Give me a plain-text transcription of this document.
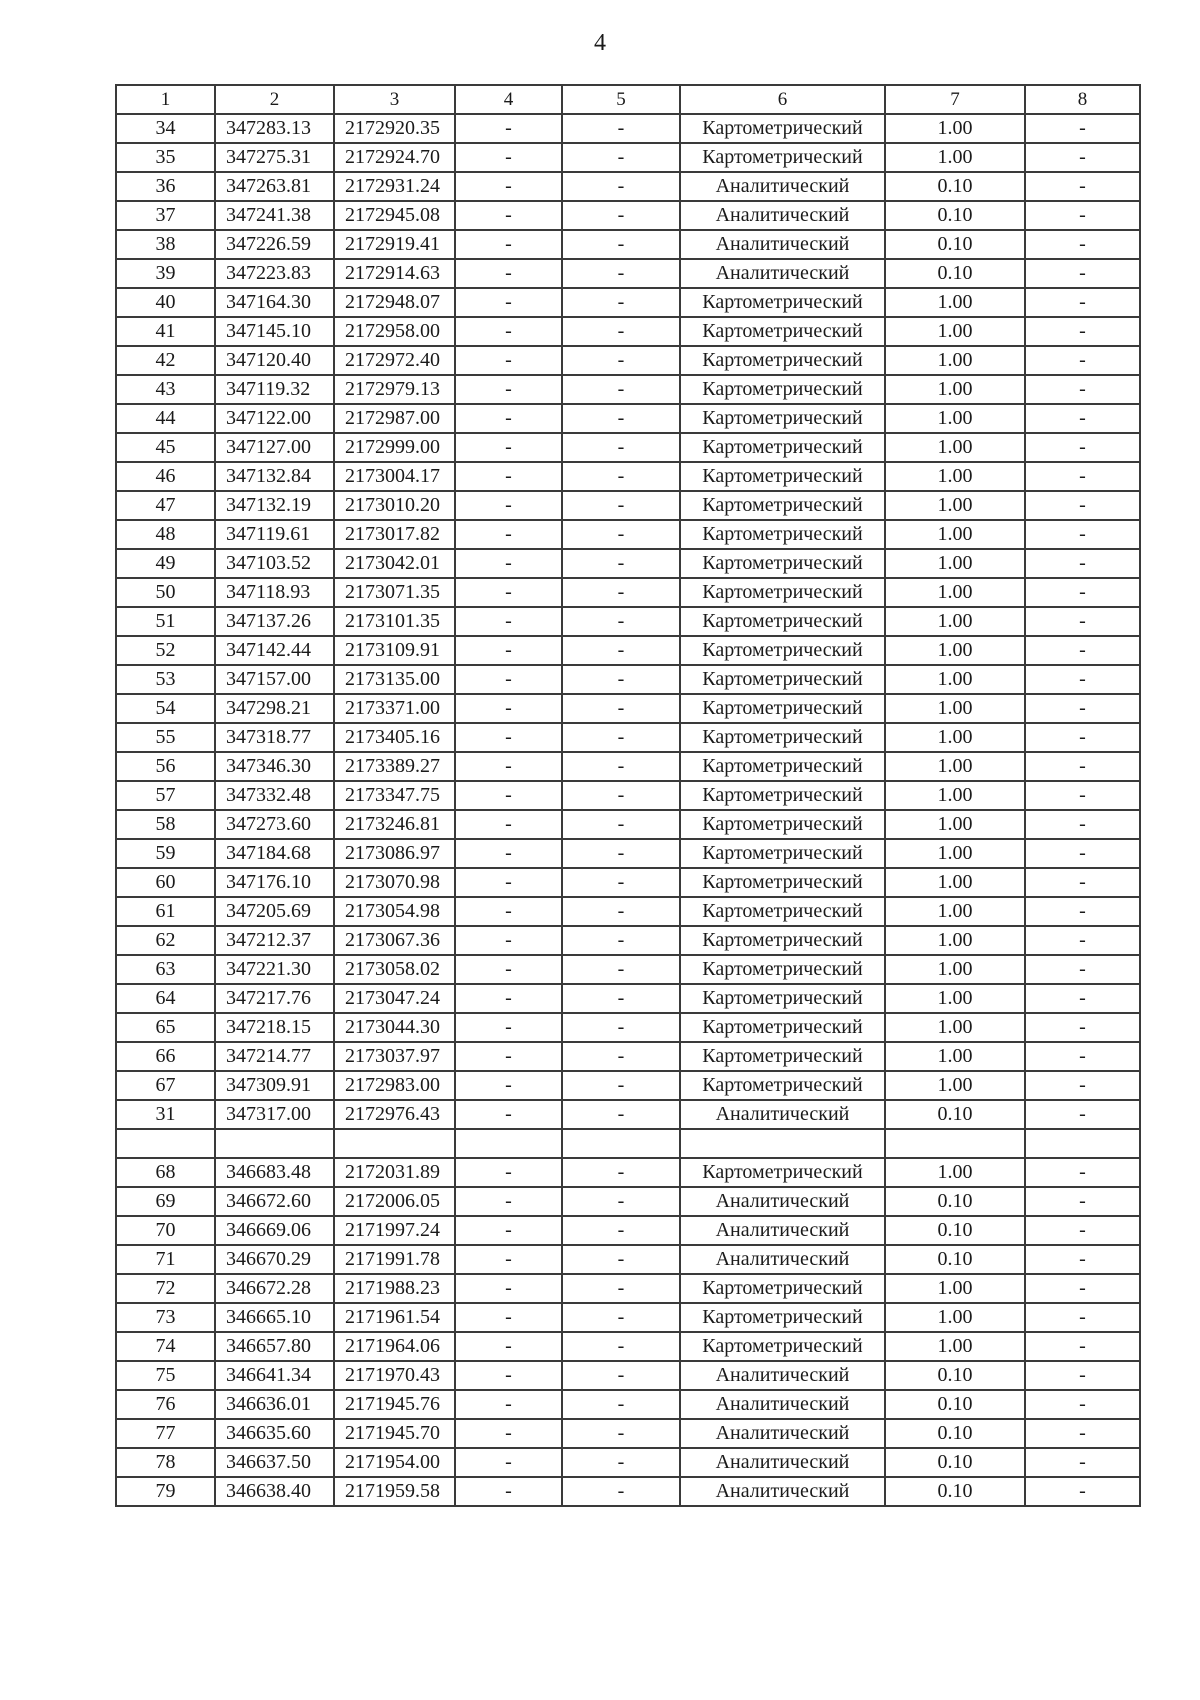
4
1	2	3	4	5	6	7	8
34	347283.13	2172920.35	-	-	Картометрический	1.00	-
35	347275.31	2172924.70	-	-	Картометрический	1.00	-
36	347263.81	2172931.24	-	-	Аналитический	0.10	-
37	347241.38	2172945.08	-	-	Аналитический	0.10	-
38	347226.59	2172919.41	-	-	Аналитический	0.10	-
39	347223.83	2172914.63	-	-	Аналитический	0.10	-
40	347164.30	2172948.07	-	-	Картометрический	1.00	-
41	347145.10	2172958.00	-	-	Картометрический	1.00	-
42	347120.40	2172972.40	-	-	Картометрический	1.00	-
43	347119.32	2172979.13	-	-	Картометрический	1.00	-
44	347122.00	2172987.00	-	-	Картометрический	1.00	-
45	347127.00	2172999.00	-	-	Картометрический	1.00	-
46	347132.84	2173004.17	-	-	Картометрический	1.00	-
47	347132.19	2173010.20	-	-	Картометрический	1.00	-
48	347119.61	2173017.82	-	-	Картометрический	1.00	-
49	347103.52	2173042.01	-	-	Картометрический	1.00	-
50	347118.93	2173071.35	-	-	Картометрический	1.00	-
51	347137.26	2173101.35	-	-	Картометрический	1.00	-
52	347142.44	2173109.91	-	-	Картометрический	1.00	-
53	347157.00	2173135.00	-	-	Картометрический	1.00	-
54	347298.21	2173371.00	-	-	Картометрический	1.00	-
55	347318.77	2173405.16	-	-	Картометрический	1.00	-
56	347346.30	2173389.27	-	-	Картометрический	1.00	-
57	347332.48	2173347.75	-	-	Картометрический	1.00	-
58	347273.60	2173246.81	-	-	Картометрический	1.00	-
59	347184.68	2173086.97	-	-	Картометрический	1.00	-
60	347176.10	2173070.98	-	-	Картометрический	1.00	-
61	347205.69	2173054.98	-	-	Картометрический	1.00	-
62	347212.37	2173067.36	-	-	Картометрический	1.00	-
63	347221.30	2173058.02	-	-	Картометрический	1.00	-
64	347217.76	2173047.24	-	-	Картометрический	1.00	-
65	347218.15	2173044.30	-	-	Картометрический	1.00	-
66	347214.77	2173037.97	-	-	Картометрический	1.00	-
67	347309.91	2172983.00	-	-	Картометрический	1.00	-
31	347317.00	2172976.43	-	-	Аналитический	0.10	-

68	346683.48	2172031.89	-	-	Картометрический	1.00	-
69	346672.60	2172006.05	-	-	Аналитический	0.10	-
70	346669.06	2171997.24	-	-	Аналитический	0.10	-
71	346670.29	2171991.78	-	-	Аналитический	0.10	-
72	346672.28	2171988.23	-	-	Картометрический	1.00	-
73	346665.10	2171961.54	-	-	Картометрический	1.00	-
74	346657.80	2171964.06	-	-	Картометрический	1.00	-
75	346641.34	2171970.43	-	-	Аналитический	0.10	-
76	346636.01	2171945.76	-	-	Аналитический	0.10	-
77	346635.60	2171945.70	-	-	Аналитический	0.10	-
78	346637.50	2171954.00	-	-	Аналитический	0.10	-
79	346638.40	2171959.58	-	-	Аналитический	0.10	-
